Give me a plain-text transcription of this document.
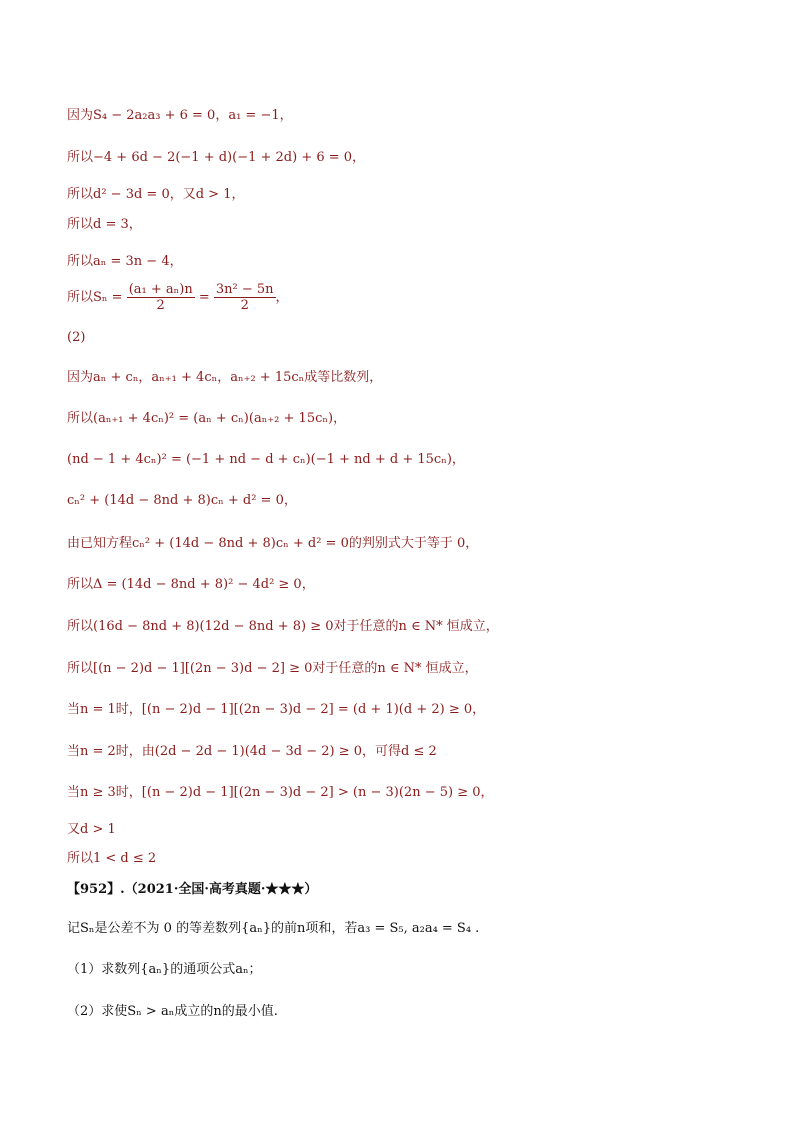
因为S₄ − 2a₂a₃ + 6 = 0，a₁ = −1，
所以−4 + 6d − 2(−1 + d)(−1 + 2d) + 6 = 0，
所以d² − 3d = 0，又d > 1，
所以d = 3，
所以aₙ = 3n − 4，
所以$S_n = \frac{\text{(a₁ + aₙ)n}}{2} = \frac{\text{3n² − 5n}}{2}$ ，
(2)
因为aₙ + cₙ，aₙ₊₁ + 4cₙ，aₙ₊₂ + 15cₙ成等比数列，
所以(aₙ₊₁ + 4cₙ)² = (aₙ + cₙ)(aₙ₊₂ + 15cₙ)，
(nd − 1 + 4cₙ)² = (−1 + nd − d + cₙ)(−1 + nd + d + 15cₙ)，
cₙ² + (14d − 8nd + 8)cₙ + d² = 0，
由已知方程cₙ² + (14d − 8nd + 8)cₙ + d² = 0的判别式大于等于 0，
所以Δ = (14d − 8nd + 8)² − 4d² ≥ 0，
所以(16d − 8nd + 8)(12d − 8nd + 8) ≥ 0对于任意的n ∈ N* 恒成立，
所以[(n − 2)d − 1][(2n − 3)d − 2] ≥ 0对于任意的n ∈ N* 恒成立，
当n = 1时，[(n − 2)d − 1][(2n − 3)d − 2] = (d + 1)(d + 2) ≥ 0，
当n = 2时，由(2d − 2d − 1)(4d − 3d − 2) ≥ 0，可得d ≤ 2
当n ≥ 3时，[(n − 2)d − 1][(2n − 3)d − 2] > (n − 3)(2n − 5) ≥ 0，
又d > 1
所以1 < d ≤ 2
【952】.（2021·全国·高考真题·★★★）
记Sₙ是公差不为 0 的等差数列{aₙ}的前n项和，若a₃ = S₅, a₂a₄ = S₄ .
（1）求数列{aₙ}的通项公式aₙ；
（2）求使Sₙ > aₙ成立的n的最小值.
